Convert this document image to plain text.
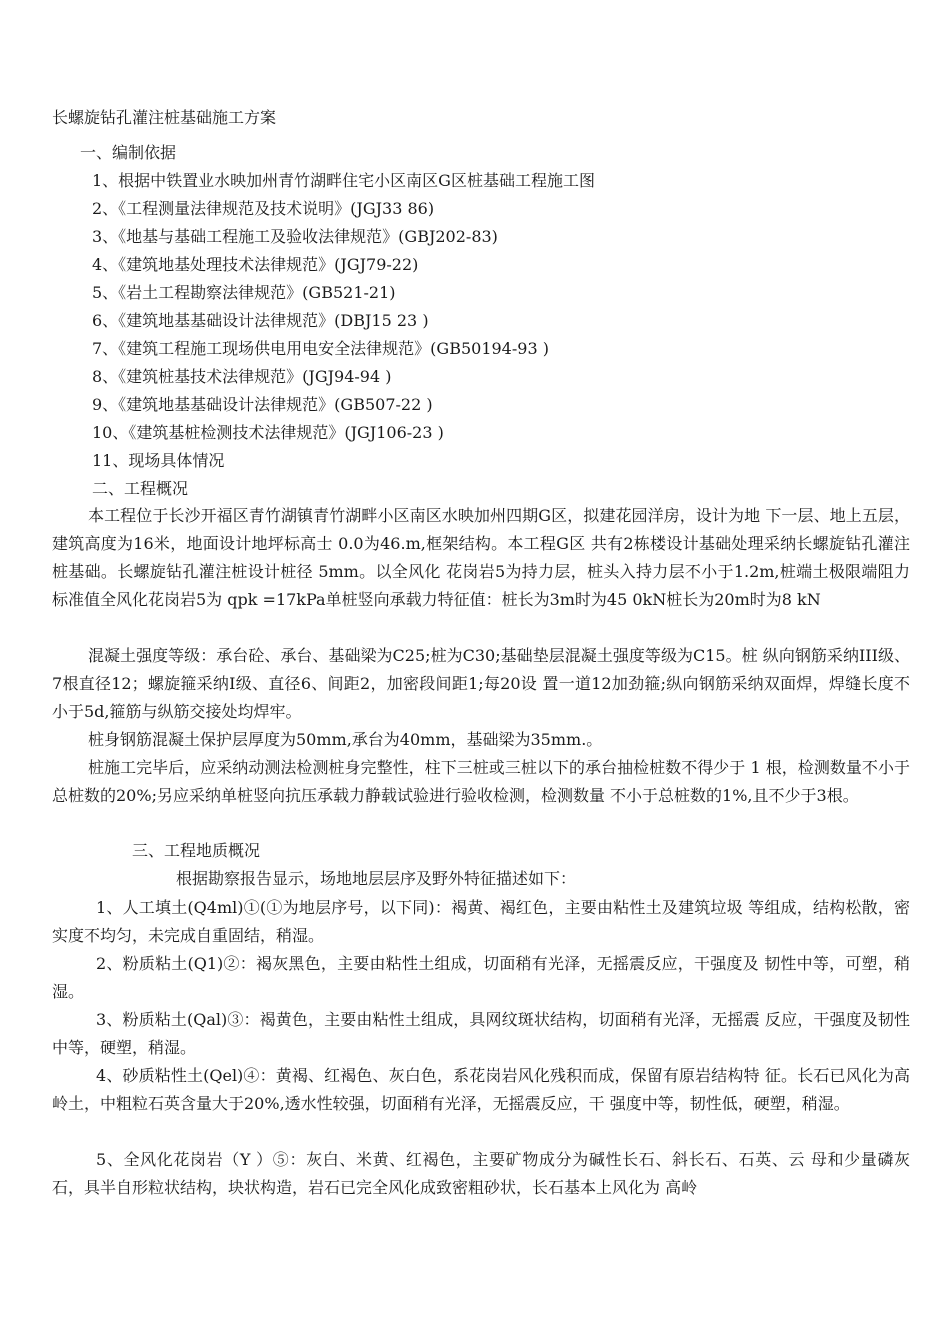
长螺旋钻孔灌注桩基础施工方案
一、编制依据
1、根据中铁置业水映加州青竹湖畔住宅小区南区G区桩基础工程施工图
2、《工程测量法律规范及技术说明》(JGJ33 86)
3、《地基与基础工程施工及验收法律规范》(GBJ202-83)
4、《建筑地基处理技术法律规范》(JGJ79-22)
5、《岩土工程勘察法律规范》(GB521-21)
6、《建筑地基基础设计法律规范》(DBJ15 23 )
7、《建筑工程施工现场供电用电安全法律规范》(GB50194-93 )
8、《建筑桩基技术法律规范》(JGJ94-94 )
9、《建筑地基基础设计法律规范》(GB507-22 )
10、《建筑基桩检测技术法律规范》(JGJ106-23 )
11、现场具体情况
二、工程概况

本工程位于长沙开福区青竹湖镇青竹湖畔小区南区水映加州四期G区，拟建花园洋房，设计为地 下一层、地上五层，建筑高度为16米，地面设计地坪标高士 0.0为46.m,框架结构。本工程G区 共有2栋楼设计基础处理采纳长螺旋钻孔灌注桩基础。长螺旋钻孔灌注桩设计桩径 5mm。以全风化 花岗岩5为持力层，桩头入持力层不小于1.2m,桩端土极限端阻力标准值全风化花岗岩5为 qpk =17kPa单桩竖向承载力特征值：桩长为3m时为45 0kN桩长为20m时为8 kN

混凝土强度等级：承台砼、承台、基础梁为C25;桩为C30;基础垫层混凝土强度等级为C15。桩 纵向钢筋采纳III级、7根直径12；螺旋箍采纳I级、直径6、间距2，加密段间距1;每20设 置一道12加劲箍;纵向钢筋采纳双面焊，焊缝长度不小于5d,箍筋与纵筋交接处均焊牢。

桩身钢筋混凝土保护层厚度为50mm,承台为40mm，基础梁为35mm.。

桩施工完毕后，应采纳动测法检测桩身完整性，柱下三桩或三桩以下的承台抽检桩数不得少于 1 根，检测数量不小于总桩数的20%;另应采纳单桩竖向抗压承载力静载试验进行验收检测，检测数量 不小于总桩数的1%,且不少于3根。

三、工程地质概况
根据勘察报告显示，场地地层层序及野外特征描述如下：

1、人工填土(Q4ml)①(①为地层序号，以下同)：褐黄、褐红色，主要由粘性土及建筑垃圾 等组成，结构松散，密实度不均匀，未完成自重固结，稍湿。

2、粉质粘土(Q1)②：褐灰黑色，主要由粘性土组成，切面稍有光泽，无摇震反应，干强度及 韧性中等，可塑，稍湿。

3、粉质粘土(Qal)③：褐黄色，主要由粘性土组成，具网纹斑状结构，切面稍有光泽，无摇震 反应，干强度及韧性中等，硬塑，稍湿。

4、砂质粘性土(Qel)④：黄褐、红褐色、灰白色，系花岗岩风化残积而成，保留有原岩结构特 征。长石已风化为高岭土，中粗粒石英含量大于20%,透水性较强，切面稍有光泽，无摇震反应，干 强度中等，韧性低，硬塑，稍湿。

5、全风化花岗岩（Y ）⑤：灰白、米黄、红褐色，主要矿物成分为碱性长石、斜长石、石英、云 母和少量磷灰石，具半自形粒状结构，块状构造，岩石已完全风化成致密粗砂状，长石基本上风化为 高岭
